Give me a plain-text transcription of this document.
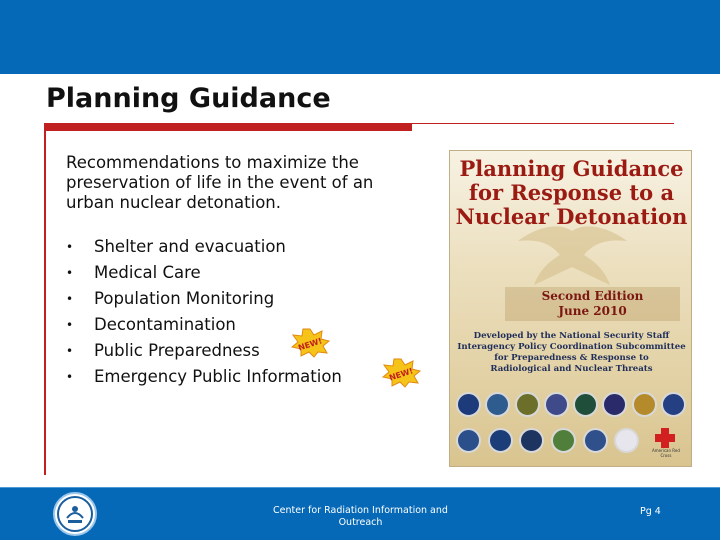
Planning Guidance

Recommendations to maximize the preservation of life in the event of an urban nuclear detonation.

•	Shelter and evacuation
•	Medical Care
•	Population Monitoring
•	Decontamination
•	Public Preparedness
•	Emergency Public Information
NEW!
NEW!
Planning Guidance
for Response to a
Nuclear Detonation
Second Edition
June 2010
Developed by the National Security Staff
Interagency Policy Coordination Subcommittee
for Preparedness & Response to
Radiological and Nuclear Threats
American Red Cross
Center for Radiation Information and
Outreach
Pg 4
